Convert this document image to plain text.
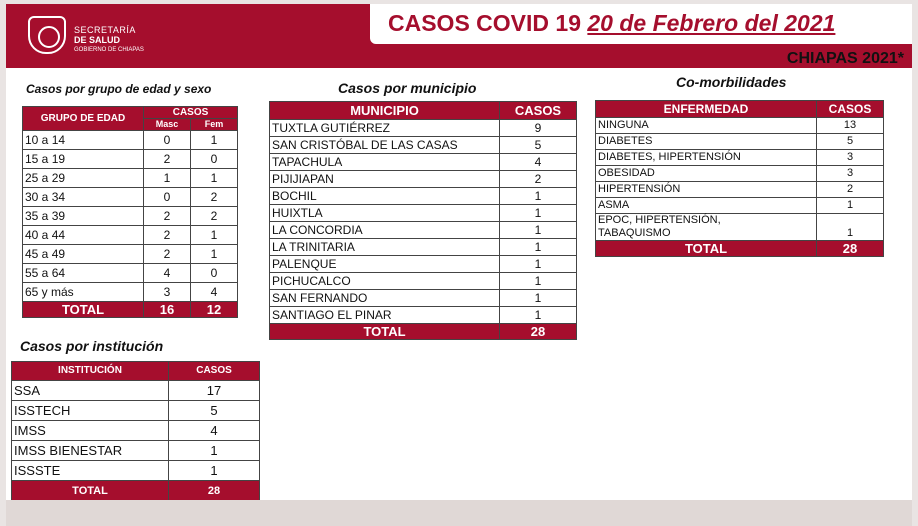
SECRETARÍA
DE SALUD
GOBIERNO DE CHIAPAS
CASOS COVID 19 20 de Febrero del 2021
CHIAPAS 2021*
Casos por grupo de edad y sexo
GRUPO DE EDAD	CASOS	
	Masc	Fem
10 a 14	0	1
15 a 19	2	0
25 a 29	1	1
30 a 34	0	2
35 a 39	2	2
40 a 44	2	1
45 a 49	2	1
55 a 64	4	0
65 y más	3	4
TOTAL	16	12
Casos por municipio
MUNICIPIO	CASOS
TUXTLA GUTIÉRREZ	9
SAN CRISTÓBAL DE LAS CASAS	5
TAPACHULA	4
PIJIJIAPAN	2
BOCHIL	1
HUIXTLA	1
LA CONCORDIA	1
LA TRINITARIA	1
PALENQUE	1
PICHUCALCO	1
SAN FERNANDO	1
SANTIAGO EL PINAR	1
TOTAL	28
Co-morbilidades
ENFERMEDAD	CASOS
NINGUNA	13
DIABETES	5
DIABETES, HIPERTENSIÓN	3
OBESIDAD	3
HIPERTENSIÓN	2
ASMA	1
EPOC, HIPERTENSIÓN,
TABAQUISMO	1
TOTAL	28
Casos por institución
INSTITUCIÓN	CASOS
SSA	17
ISSTECH	5
IMSS	4
IMSS BIENESTAR	1
ISSSTE	1
TOTAL	28
